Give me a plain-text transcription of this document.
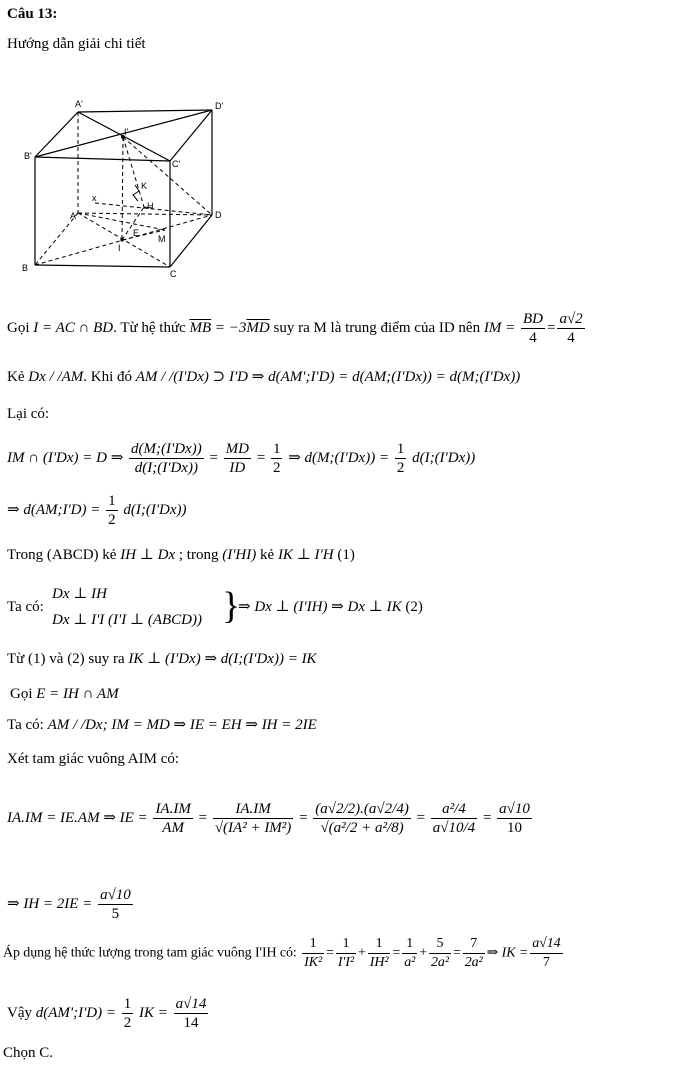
Câu 13:
Hướng dẫn giải chi tiết
A'	D'
B'
C'
I'
K
H
E
M
I
x
A	D
B
C
Gọi I = AC ∩ BD. Từ hệ thức $\overline{MB} = -3\overline{MD}$ suy ra M là trung điểm của ID nên IM = $\frac{BD}{4} = \frac{a√2}{4}$
Kẻ Dx / /AM. Khi đó AM / /(I'Dx) ⊃ I'D ⇒ d(AM';I'D) = d(AM;(I'Dx)) = d(M;(I'Dx))
Lại có:
IM ∩ (I'Dx) = D ⇒ $\frac{d(M;(I'Dx))}{d(I;(I'Dx))} = \frac{MD}{ID} = \frac{1}{2}$ ⇒ d(M;(I'Dx)) = $\frac{1}{2}$ d(I;(I'Dx))
⇒ d(AM;I'D) = $\frac{1}{2}$ d(I;(I'Dx))
Trong (ABCD) kẻ IH ⊥ Dx ; trong (I'HI) kẻ IK ⊥ I'H (1)
Ta có:
Dx ⊥ IH
Dx ⊥ I'I (I'I ⊥ (ABCD)) }
⇒ Dx ⊥ (I'IH) ⇒ Dx ⊥ IK (2)
Từ (1) và (2) suy ra IK ⊥ (I'Dx) ⇒ d(I;(I'Dx)) = IK
Gọi E = IH ∩ AM
Ta có: AM / /Dx; IM = MD ⇒ IE = EH ⇒ IH = 2IE
Xét tam giác vuông AIM có:
IA.IM = IE.AM ⇒ IE = $\frac{IA.IM}{AM} = \frac{IA.IM}{\text{√(IA² + IM²)}} = \frac{(a√2/2).(a√2/4)}{\text{√(a²/2 + a²/8)}} = \frac{\text{a²/4}}{a√10/4} = \frac{a√10}{10}$
⇒ IH = $2IE = \frac{a√10}{5}$
Áp dụng hệ thức lượng trong tam giác vuông I'IH có: $\frac{1}{\text{IK²}} = \frac{1}{\text{I'I²}} + \frac{1}{\text{IH²}} = \frac{1}{\text{a²}} + \frac{5}{\text{2a²}} = \frac{7}{\text{2a²}}$ ⇒ IK = $\frac{a√14}{7}$
Vậy d(AM';I'D) = $\frac{1}{2}$ IK = $\frac{a√14}{14}$
Chọn C.
